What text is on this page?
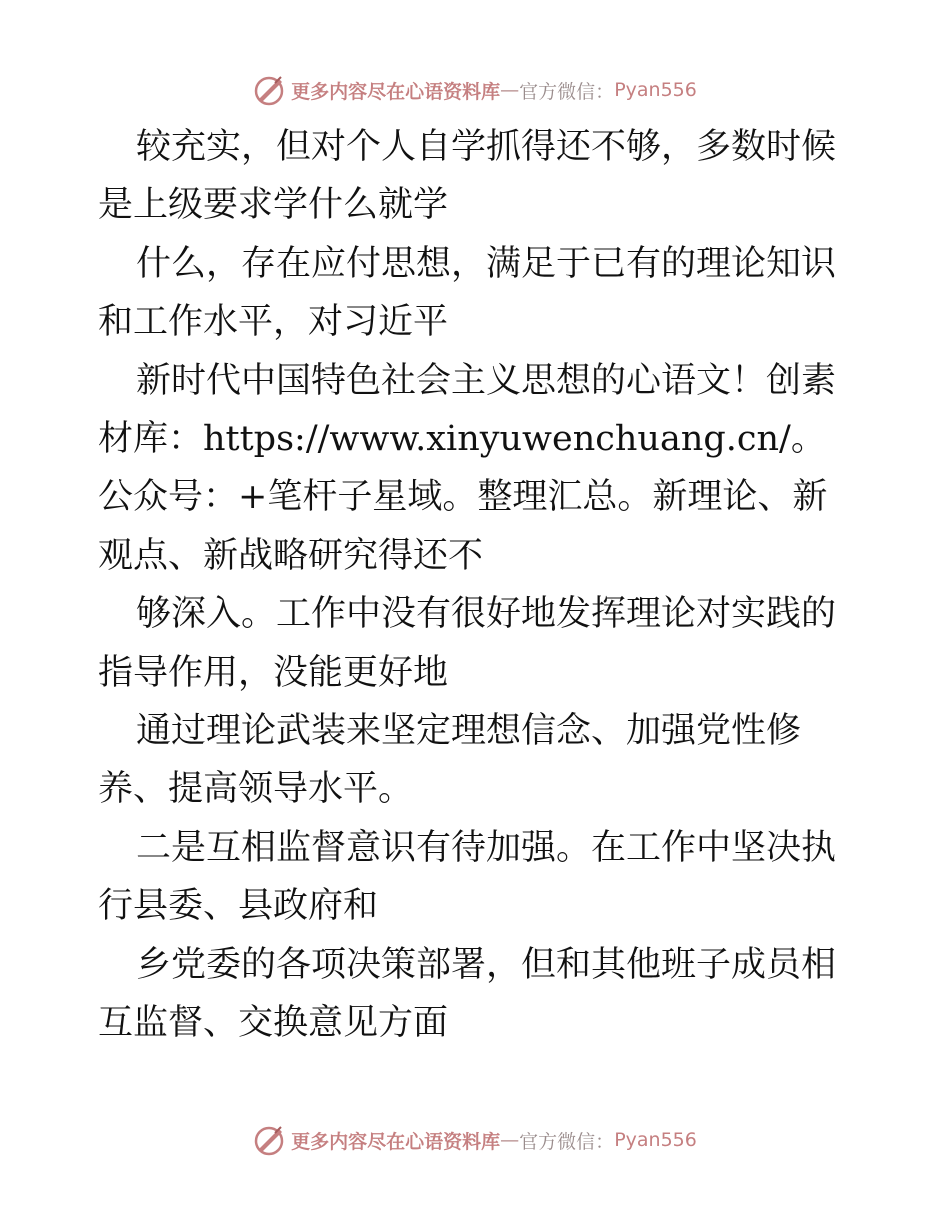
更多内容尽在心语资料库 — 官方微信： Pyan556

较充实，但对个人自学抓得还不够，多数时候是上级要求学什么就学

什么，存在应付思想，满足于已有的理论知识和工作水平，对习近平

新时代中国特色社会主义思想的心语文！创素材库：https://www.xinyuwenchuang.cn/。公众号：+笔杆子星域。整理汇总。新理论、新观点、新战略研究得还不

够深入。工作中没有很好地发挥理论对实践的指导作用，没能更好地

通过理论武装来坚定理想信念、加强党性修养、提高领导水平。

二是互相监督意识有待加强。在工作中坚决执行县委、县政府和

乡党委的各项决策部署，但和其他班子成员相互监督、交换意见方面

更多内容尽在心语资料库 — 官方微信： Pyan556
